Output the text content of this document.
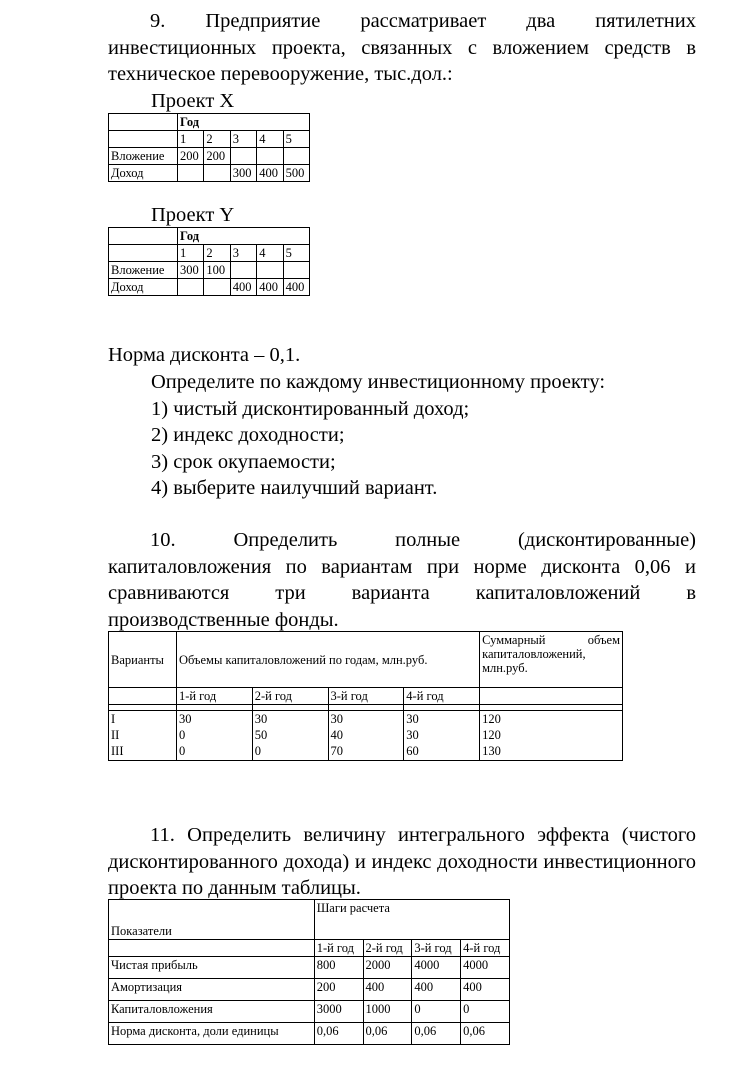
9. Предприятие рассматривает два пятилетних инвестиционных проекта, связанных с вложением средств в техническое перевооружение, тыс.дол.:

Проект X
	Год				
	1	2	3	4	5
Вложение	200	200			
Доход			300	400	500
Проект Y
	Год				
	1	2	3	4	5
Вложение	300	100			
Доход			400	400	400
Норма дисконта – 0,1.
Определите по каждому инвестиционному проекту:
1) чистый дисконтированный доход;
2) индекс доходности;
3) срок окупаемости;
4) выберите наилучший вариант.

10.	Определить полные (дисконтированные) капиталовложения по вариантам при норме дисконта 0,06 и сравниваются три варианта капиталовложений в производственные фонды.

Варианты	Объемы капиталовложений по годам, млн.руб.				Суммарный объем капиталовложений, млн.руб.
	1-й год	2-й год	3-й год	4-й год	

I	30	30	30	30	120
II	0	50	40	30	120
III	0	0	70	60	130

11. Определить величину интегрального эффекта (чистого дисконтированного дохода) и индекс доходности инвестиционного проекта по данным таблицы.

Показатели	Шаги расчета			
	1-й год	2-й год	3-й год	4-й год
Чистая прибыль	800	2000	4000	4000
Амортизация	200	400	400	400
Капиталовложения	3000	1000	0	0
Норма дисконта, доли единицы	0,06	0,06	0,06	0,06
